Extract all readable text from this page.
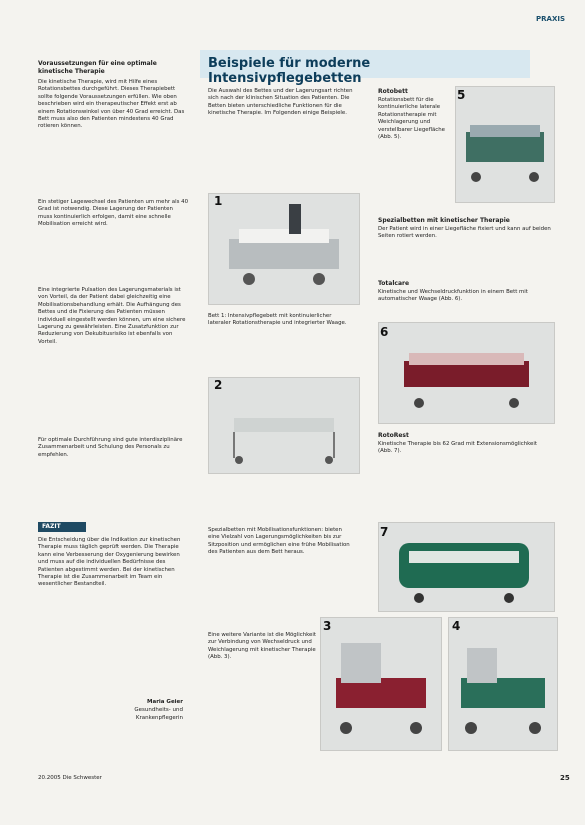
PRAXIS
Beispiele für moderne Intensivpflegebetten
Voraussetzungen für eine optimale kinetische Therapie
Die kinetische Therapie, wird mit Hilfe eines Rotationsbettes durchgeführt. Dieses Therapiebett sollte folgende Voraussetzungen erfüllen. Wie oben beschrieben wird ein therapeutischer Effekt erst ab einem Rotationswinkel von über 40 Grad erreicht. Das Bett muss also den Patienten mindestens 40 Grad rotieren können.
Ein stetiger Lagewechsel des Patienten um mehr als 40 Grad ist notwendig. Diese Lagerung der Patienten muss kontinuierlich erfolgen, damit eine schnelle Mobilisation erreicht wird.
Eine integrierte Pulsation des Lagerungsmaterials ist von Vorteil, da der Patient dabei gleichzeitig eine Mobilisationsbehandlung erhält. Die Aufhängung des Bettes und die Fixierung des Patienten müssen individuell eingestellt werden können, um eine sichere Lagerung zu gewährleisten. Eine Zusatzfunktion zur Reduzierung von Dekubitusrisiko ist ebenfalls von Vorteil.
Für optimale Durchführung sind gute interdisziplinäre Zusammenarbeit und Schulung des Personals zu empfehlen.
FAZIT
Die Entscheidung über die Indikation zur kinetischen Therapie muss täglich geprüft werden. Die Therapie kann eine Verbesserung der Oxygenierung bewirken und muss auf die individuellen Bedürfnisse des Patienten abgestimmt werden. Bei der kinetischen Therapie ist die Zusammenarbeit im Team ein wesentlicher Bestandteil.
Maria Geier
Gesundheits- und
Krankenpflegerin
Die Auswahl des Bettes und der Lagerungsart richten sich nach der klinischen Situation des Patienten. Die Betten bieten unterschiedliche Funktionen für die kinetische Therapie. Im Folgenden einige Beispiele.
1
Bett 1: Intensivpflegebett mit kontinuierlicher lateraler Rotationstherapie und integrierter Waage.
2
Spezialbetten mit Mobilisationsfunktionen: bieten eine Vielzahl von Lagerungsmöglichkeiten bis zur Sitzposition und ermöglichen eine frühe Mobilisation des Patienten aus dem Bett heraus.
Eine weitere Variante ist die Möglichkeit zur Verbindung von Wechseldruck und Weichlagerung mit kinetischer Therapie (Abb. 3).
Rotobett
Rotationsbett für die kontinuierliche laterale Rotationstherapie mit Weichlagerung und verstellbarer Liegefläche (Abb. 5).
5
Spezialbetten mit kinetischer Therapie
Der Patient wird in einer Liegefläche fixiert und kann auf beiden Seiten rotiert werden.
Totalcare
Kinetische und Wechseldruckfunktion in einem Bett mit automatischer Waage (Abb. 6).
6
RotoRest
Kinetische Therapie bis 62 Grad mit Extensionsmöglichkeit (Abb. 7).
7
3	4
20.2005 Die Schwester	25
